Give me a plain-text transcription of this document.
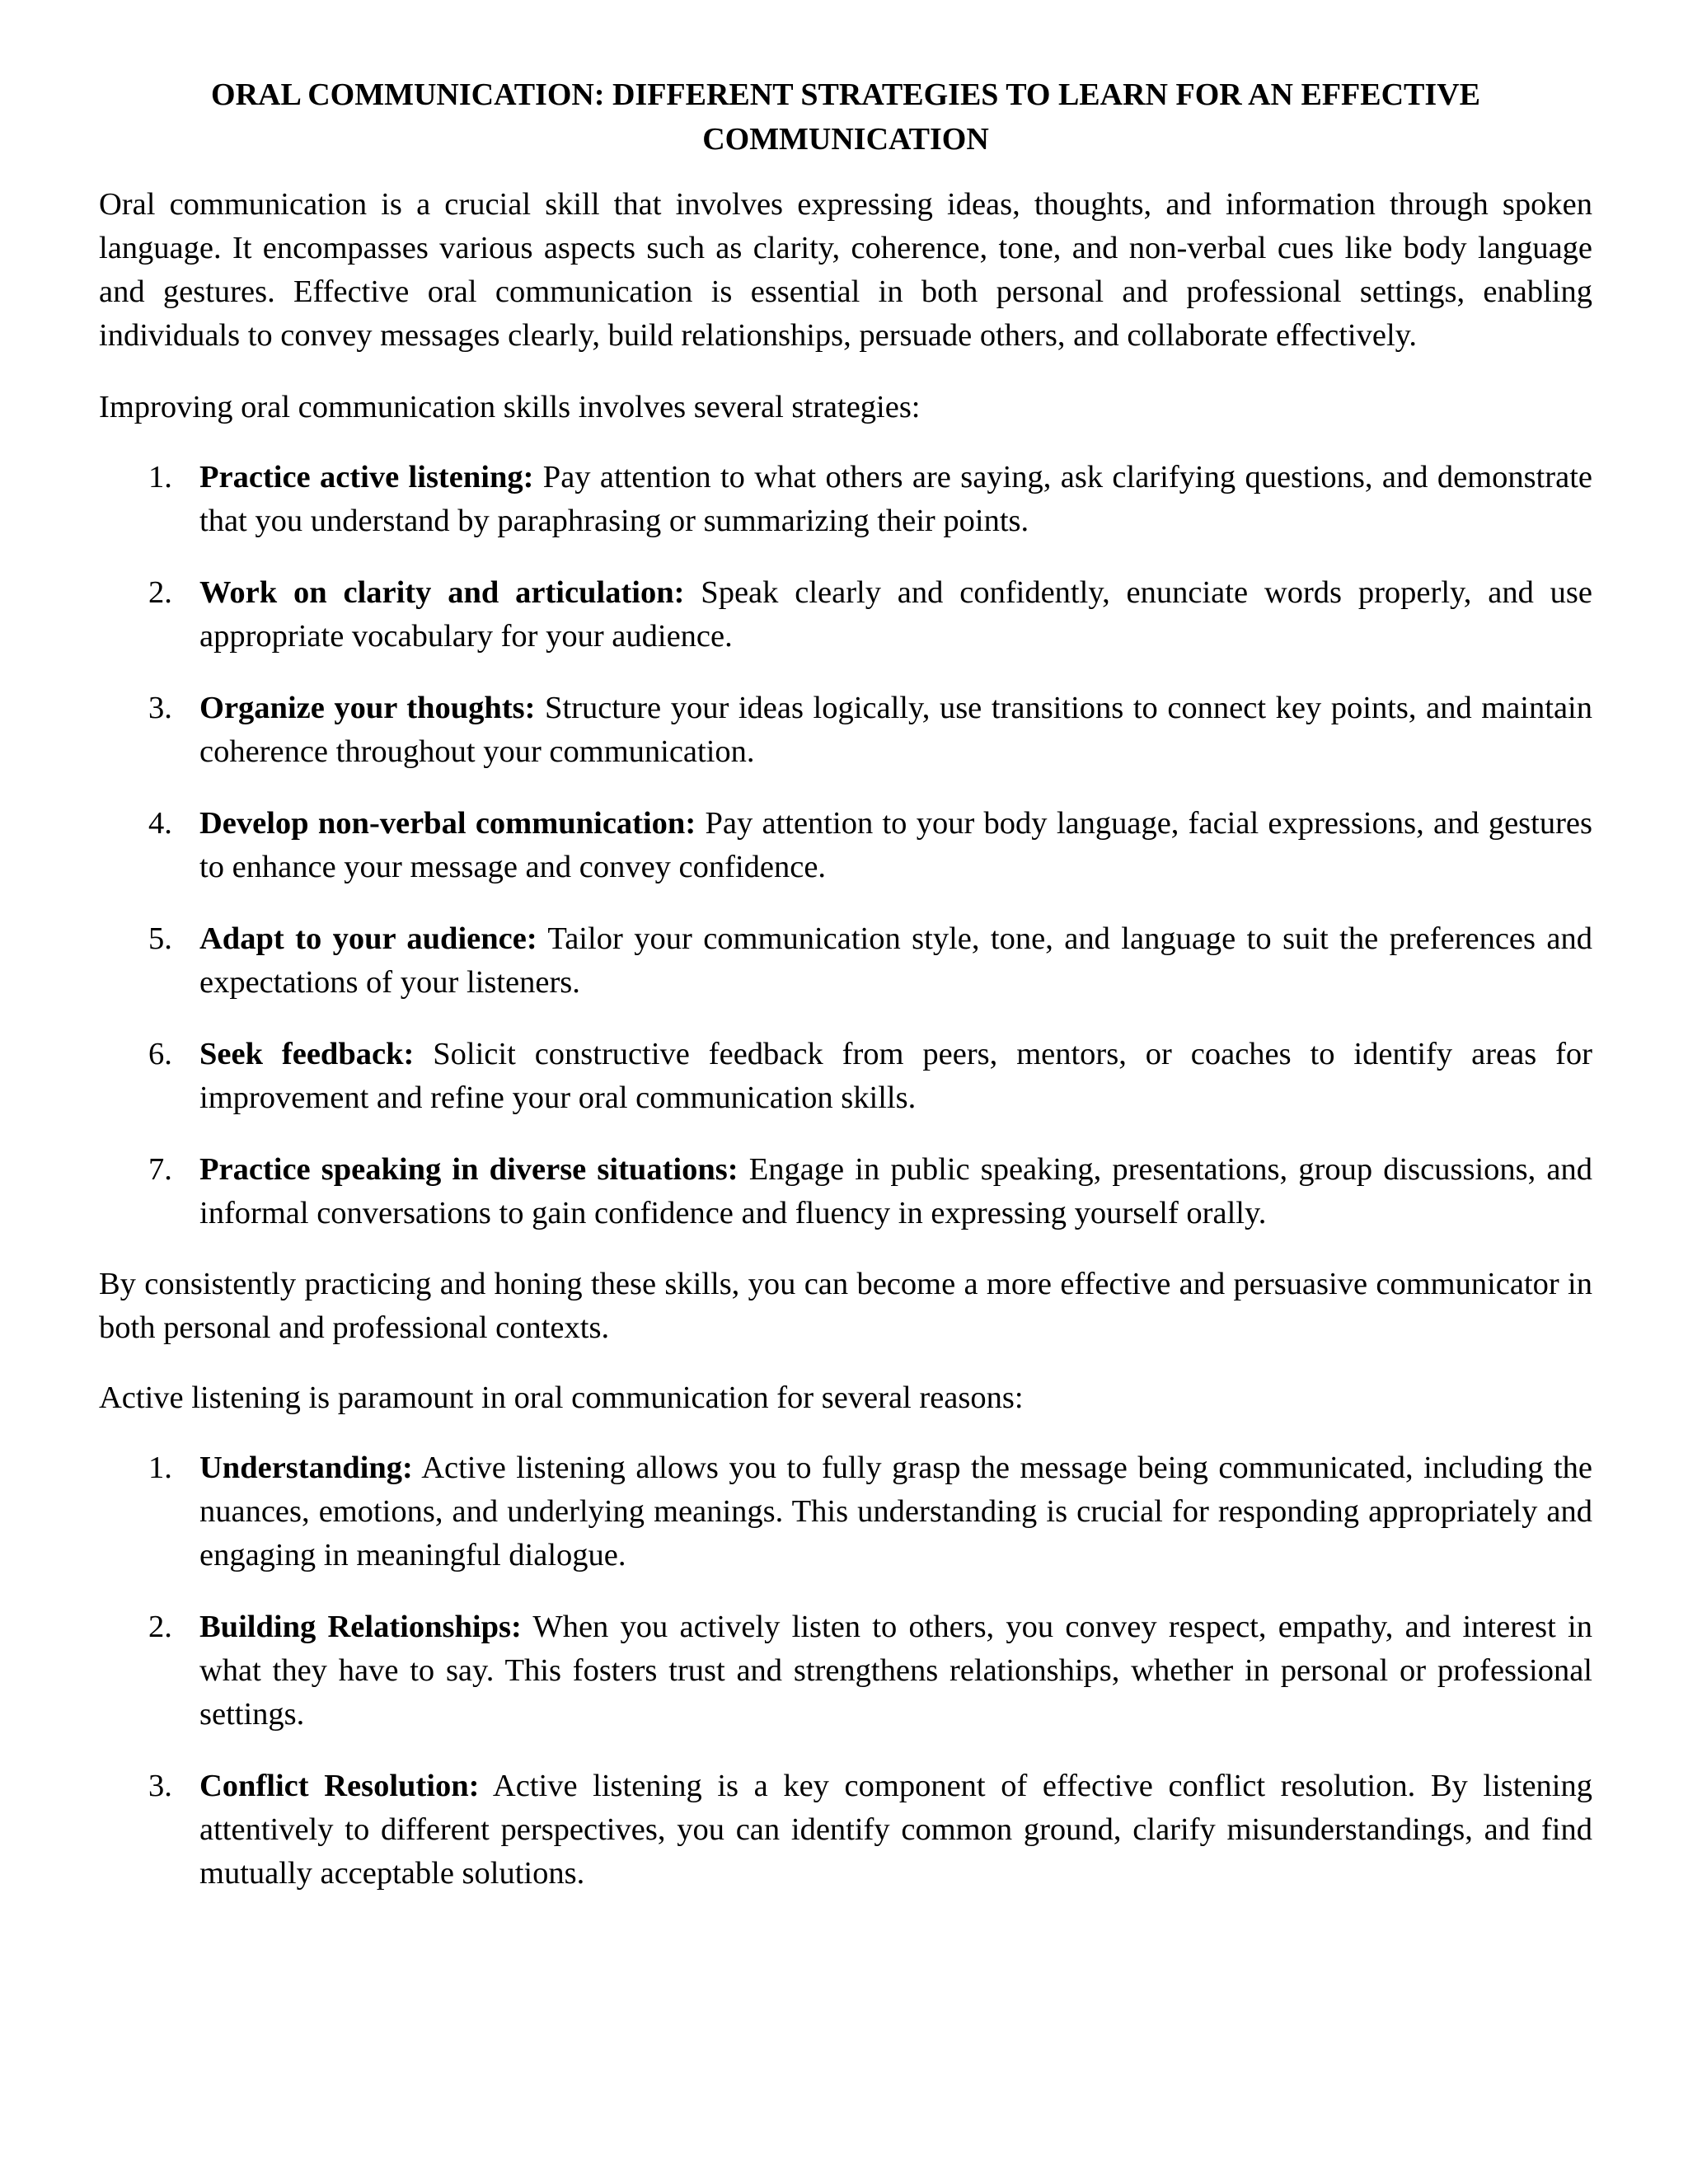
ORAL COMMUNICATION: DIFFERENT STRATEGIES TO LEARN FOR AN EFFECTIVE COMMUNICATION

Oral communication is a crucial skill that involves expressing ideas, thoughts, and information through spoken language. It encompasses various aspects such as clarity, coherence, tone, and non-verbal cues like body language and gestures. Effective oral communication is essential in both personal and professional settings, enabling individuals to convey messages clearly, build relationships, persuade others, and collaborate effectively.

Improving oral communication skills involves several strategies:

1. Practice active listening: Pay attention to what others are saying, ask clarifying questions, and demonstrate that you understand by paraphrasing or summarizing their points.
2. Work on clarity and articulation: Speak clearly and confidently, enunciate words properly, and use appropriate vocabulary for your audience.
3. Organize your thoughts: Structure your ideas logically, use transitions to connect key points, and maintain coherence throughout your communication.
4. Develop non-verbal communication: Pay attention to your body language, facial expressions, and gestures to enhance your message and convey confidence.
5. Adapt to your audience: Tailor your communication style, tone, and language to suit the preferences and expectations of your listeners.
6. Seek feedback: Solicit constructive feedback from peers, mentors, or coaches to identify areas for improvement and refine your oral communication skills.
7. Practice speaking in diverse situations: Engage in public speaking, presentations, group discussions, and informal conversations to gain confidence and fluency in expressing yourself orally.

By consistently practicing and honing these skills, you can become a more effective and persuasive communicator in both personal and professional contexts.

Active listening is paramount in oral communication for several reasons:

1. Understanding: Active listening allows you to fully grasp the message being communicated, including the nuances, emotions, and underlying meanings. This understanding is crucial for responding appropriately and engaging in meaningful dialogue.
2. Building Relationships: When you actively listen to others, you convey respect, empathy, and interest in what they have to say. This fosters trust and strengthens relationships, whether in personal or professional settings.
3. Conflict Resolution: Active listening is a key component of effective conflict resolution. By listening attentively to different perspectives, you can identify common ground, clarify misunderstandings, and find mutually acceptable solutions.
